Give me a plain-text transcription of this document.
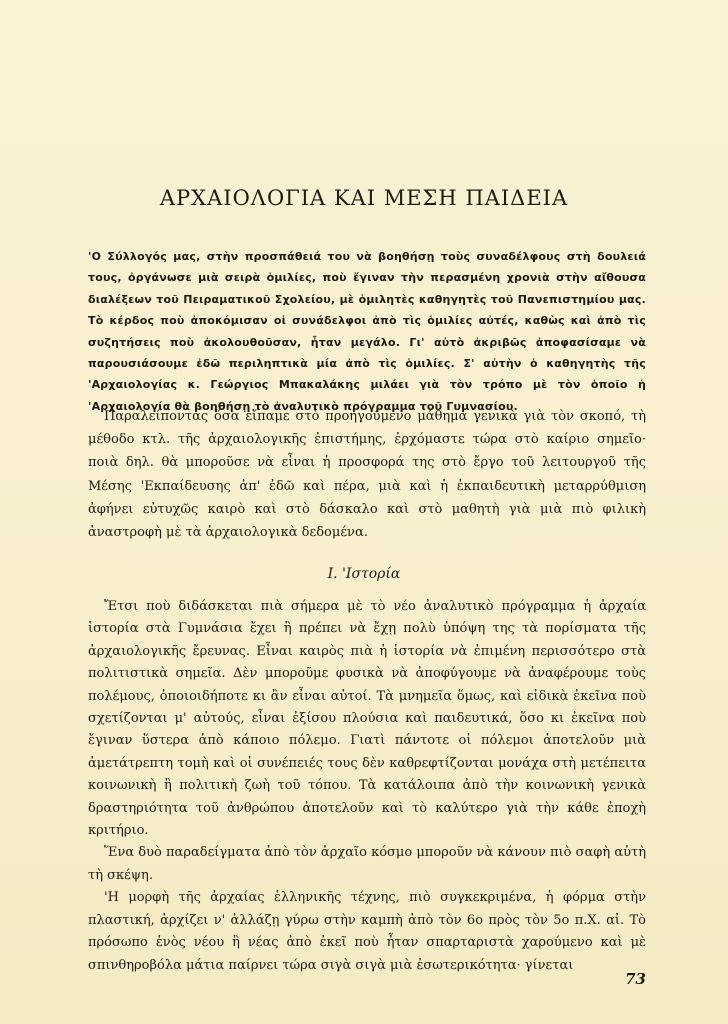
ΑΡΧΑΙΟΛΟΓΙΑ ΚΑΙ ΜΕΣΗ ΠΑΙΔΕΙΑ
'Ο Σύλλογός μας, στὴν προσπάθειά του νὰ βοηθήσῃ τοὺς συναδέλφους στὴ δουλειά τους, ὀργάνωσε μιὰ σειρὰ ὁμιλίες, ποὺ ἔγιναν τὴν περασμένη χρονιὰ στὴν αἴθουσα διαλέξεων τοῦ Πειραματικοῦ Σχολείου, μὲ ὁμιλητὲς καθηγητὲς τοῦ Πανεπιστημίου μας. Τὸ κέρδος ποὺ ἀποκόμισαν οἱ συνάδελφοι ἀπὸ τὶς ὁμιλίες αὐτές, καθὼς καὶ ἀπὸ τὶς συζητήσεις ποὺ ἀκολουθοῦσαν, ἦταν μεγάλο. Γι' αὐτὸ ἀκριβῶς ἀποφασίσαμε νὰ παρουσιάσουμε ἐδῶ περιληπτικὰ μία ἀπὸ τὶς ὁμιλίες. Σ' αὐτὴν ὁ καθηγητὴς τῆς 'Αρχαιολογίας κ. Γεώργιος Μπακαλάκης μιλάει γιὰ τὸν τρόπο μὲ τὸν ὁποῖο ἡ 'Αρχαιολογία θὰ βοηθήσῃ τὸ ἀναλυτικὸ πρόγραμμα τοῦ Γυμνασίου.

Παραλείποντας ὅσα εἴπαμε στὸ προηγούμενο μάθημα γενικὰ γιὰ τὸν σκοπό, τὴ μέθοδο κτλ. τῆς ἀρχαιολογικῆς ἐπιστήμης, ἐρχόμαστε τώρα στὸ καίριο σημεῖο· ποιὰ δηλ. θὰ μποροῦσε νὰ εἶναι ἡ προσφορά της στὸ ἔργο τοῦ λειτουργοῦ τῆς Μέσης 'Εκπαίδευσης ἀπ' ἐδῶ καὶ πέρα, μιὰ καὶ ἡ ἐκπαιδευτικὴ μεταρρύθμιση ἀφήνει εὐτυχῶς καιρὸ καὶ στὸ δάσκαλο καὶ στὸ μαθητὴ γιὰ μιὰ πιὸ φιλικὴ ἀναστροφὴ μὲ τὰ ἀρχαιολογικὰ δεδομένα.

Ι. 'Ιστορία

Ἔτσι ποὺ διδάσκεται πιὰ σήμερα μὲ τὸ νέο ἀναλυτικὸ πρόγραμμα ἡ ἀρχαία ἱστορία στὰ Γυμνάσια ἔχει ἢ πρέπει νὰ ἔχῃ πολὺ ὑπόψη της τὰ πορίσματα τῆς ἀρχαιολογικῆς ἔρευνας. Εἶναι καιρὸς πιὰ ἡ ἱστορία νὰ ἐπιμένη περισσότερο στὰ πολιτιστικὰ σημεῖα. Δὲν μποροῦμε φυσικὰ νὰ ἀποφύγουμε νὰ ἀναφέρουμε τοὺς πολέμους, ὁποιοιδήποτε κι ἂν εἶναι αὐτοί. Τὰ μνημεῖα ὅμως, καὶ εἰδικὰ ἐκεῖνα ποὺ σχετίζονται μ' αὐτούς, εἶναι ἐξίσου πλούσια καὶ παιδευτικά, ὅσο κι ἐκεῖνα ποὺ ἔγιναν ὕστερα ἀπὸ κάποιο πόλεμο. Γιατὶ πάντοτε οἱ πόλεμοι ἀποτελοῦν μιὰ ἀμετάτρεπτη τομὴ καὶ οἱ συνέπειές τους δὲν καθρεφτίζονται μονάχα στὴ μετέπειτα κοινωνικὴ ἢ πολιτικὴ ζωὴ τοῦ τόπου. Τὰ κατάλοιπα ἀπὸ τὴν κοινωνικὴ γενικὰ δραστηριότητα τοῦ ἀνθρώπου ἀποτελοῦν καὶ τὸ καλύτερο γιὰ τὴν κάθε ἐποχὴ κριτήριο.

Ἕνα δυὸ παραδείγματα ἀπὸ τὸν ἀρχαῖο κόσμο μποροῦν νὰ κάνουν πιὸ σαφὴ αὐτὴ τὴ σκέψη.

'Η μορφὴ τῆς ἀρχαίας ἑλληνικῆς τέχνης, πιὸ συγκεκριμένα, ἡ φόρμα στὴν πλαστική, ἀρχίζει ν' ἀλλάζῃ γύρω στὴν καμπὴ ἀπὸ τὸν 6ο πρὸς τὸν 5ο π.Χ. αἰ. Τὸ πρόσωπο ἑνὸς νέου ἢ νέας ἀπὸ ἐκεῖ ποὺ ἦταν σπαρταριστὰ χαρούμενο καὶ μὲ σπινθηροβόλα μάτια παίρνει τώρα σιγὰ σιγὰ μιὰ ἐσωτερικότητα· γίνεται

73
